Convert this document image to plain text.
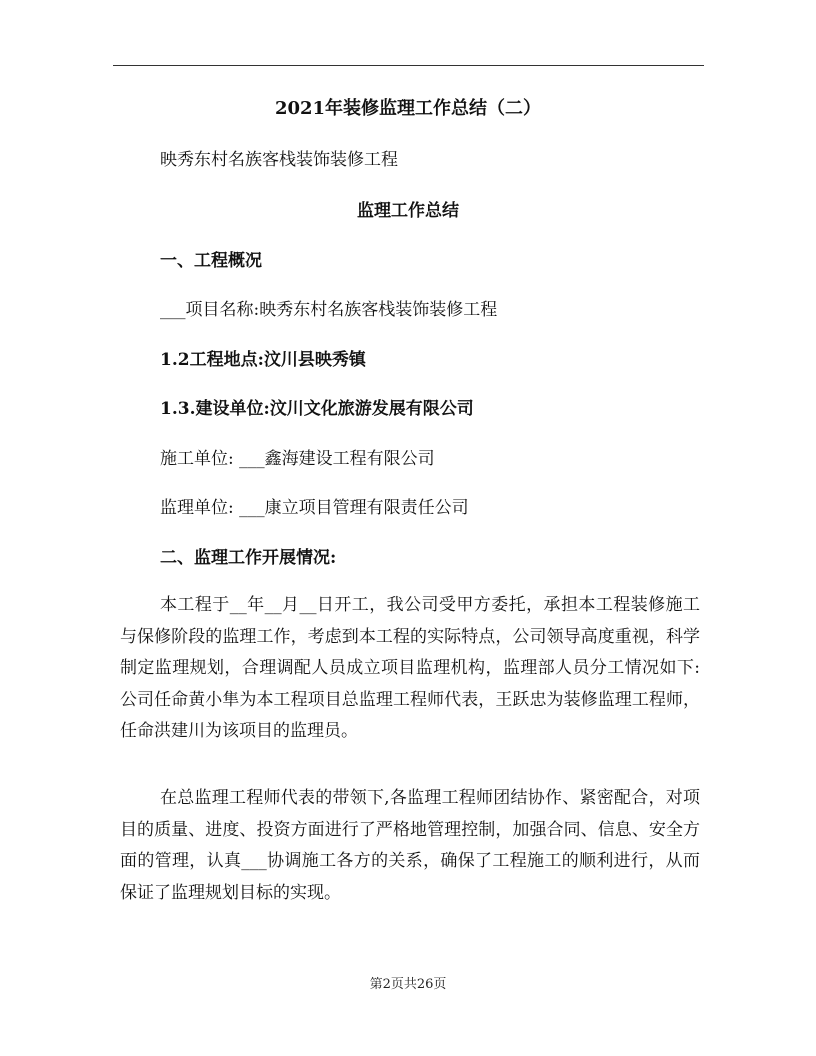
2021年装修监理工作总结（二）
映秀东村名族客栈装饰装修工程
监理工作总结
一、工程概况
___项目名称:映秀东村名族客栈装饰装修工程
1.2工程地点:汶川县映秀镇
1.3.建设单位:汶川文化旅游发展有限公司
施工单位: ___鑫海建设工程有限公司
监理单位: ___康立项目管理有限责任公司
二、监理工作开展情况:

本工程于__年__月__日开工，我公司受甲方委托，承担本工程装修施工与保修阶段的监理工作，考虑到本工程的实际特点，公司领导高度重视，科学制定监理规划，合理调配人员成立项目监理机构，监理部人员分工情况如下:公司任命黄小隼为本工程项目总监理工程师代表，王跃忠为装修监理工程师，任命洪建川为该项目的监理员。

在总监理工程师代表的带领下,各监理工程师团结协作、紧密配合，对项目的质量、进度、投资方面进行了严格地管理控制，加强合同、信息、安全方面的管理，认真___协调施工各方的关系，确保了工程施工的顺利进行，从而保证了监理规划目标的实现。

第2页共26页
